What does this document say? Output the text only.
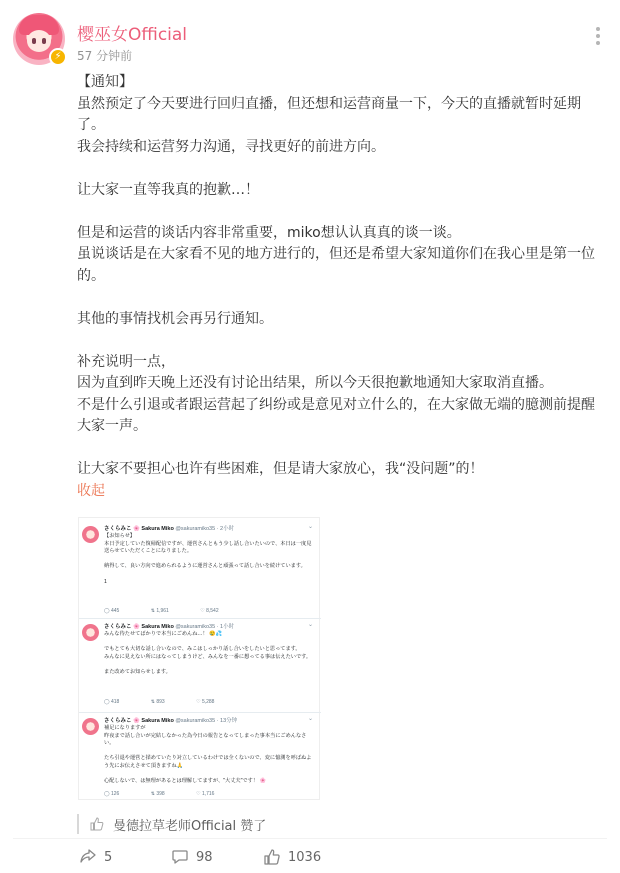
⚡
樱巫女Official
57 分钟前

【通知】

虽然预定了今天要进行回归直播，但还想和运营商量一下，今天的直播就暂时延期了。

我会持续和运营努力沟通，寻找更好的前进方向。

让大家一直等我真的抱歉…！

但是和运营的谈话内容非常重要，miko想认认真真的谈一谈。

虽说谈话是在大家看不见的地方进行的，但还是希望大家知道你们在我心里是第一位的。

其他的事情找机会再另行通知。

补充说明一点，

因为直到昨天晚上还没有讨论出结果，所以今天很抱歉地通知大家取消直播。

不是什么引退或者跟运营起了纠纷或是意见对立什么的，在大家做无端的臆测前提醒大家一声。

让大家不要担心也许有些困难，但是请大家放心，我“没问题”的！

收起

さくらみこ 🌸 Sakura Miko @sakuramiko35 · 2小时	⌄
【お知らせ】
本日予定していた復帰配信ですが、運営さんともう少し話し合いたいので、本日は一度見送らせていただくことになりました。

納得して、良い方向で進められるように運営さんと頑張って話し合いを続けています。

1
◯ 445	⇅ 1,961	♡ 8,542
さくらみこ 🌸 Sakura Miko @sakuramiko35 · 1小时	⌄
みんな待たせてばかりで本当にごめんね…！ 😢💦

でもとても大切な話し合いなので、みこはしっかり話し合いをしたいと思ってます。
みんなに見えない所にはなってしまうけど、みんなを一番に想ってる事は伝えたいです。

また改めてお知らせします。
◯ 418	⇅ 893	♡ 5,288
さくらみこ 🌸 Sakura Miko @sakuramiko35 · 13分钟	⌄
補足になりますが
昨夜まで話し合いが完結しなかった為今日の報告となってしまった事本当にごめんなさい。

たち引退や運営と揉めていたり対立しているわけでは全くないので、変に憶測を呼ばぬよう先にお伝えさせて頂きますね🙏

心配しないで、は無理があるとは理解してますが、"大丈夫"です！ 🌸
◯ 126	⇅ 398	♡ 1,716
曼德拉草老师Official 赞了
5	98	1036
